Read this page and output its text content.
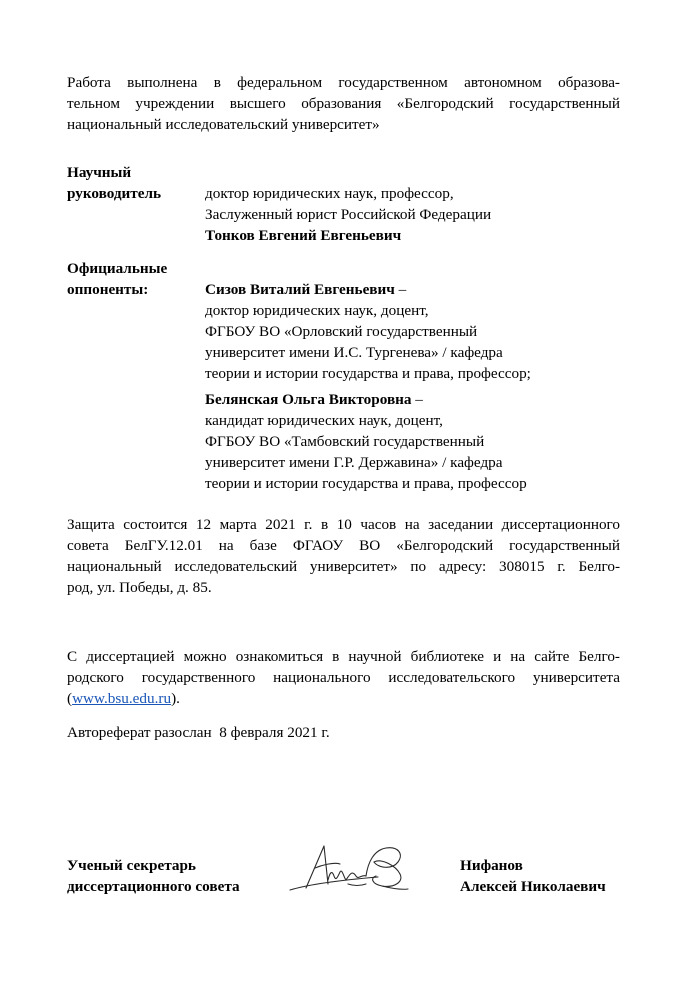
Работа выполнена в федеральном государственном автономном образова-
тельном учреждении высшего образования «Белгородский государственный
национальный исследовательский университет»
Научный
руководитель	доктор юридических наук, профессор,
Заслуженный юрист Российской Федерации
Тонков Евгений Евгеньевич
Официальные
оппоненты:	Сизов Виталий Евгеньевич –
доктор юридических наук, доцент,
ФГБОУ ВО «Орловский государственный
университет имени И.С. Тургенева» / кафедра
теории и истории государства и права, профессор;
Белянская Ольга Викторовна –
кандидат юридических наук, доцент,
ФГБОУ ВО «Тамбовский государственный
университет имени Г.Р. Державина» / кафедра
теории и истории государства и права, профессор
Защита состоится 12 марта 2021 г. в 10 часов на заседании диссертационного
совета БелГУ.12.01 на базе ФГАОУ ВО «Белгородский государственный
национальный исследовательский университет» по адресу: 308015 г. Белго-
род, ул. Победы, д. 85.
С диссертацией можно ознакомиться в научной библиотеке и на сайте Белго-
родского государственного национального исследовательского университета
(www.bsu.edu.ru).
Автореферат разослан  8 февраля 2021 г.
Ученый секретарь
диссертационного совета
Нифанов
Алексей Николаевич
